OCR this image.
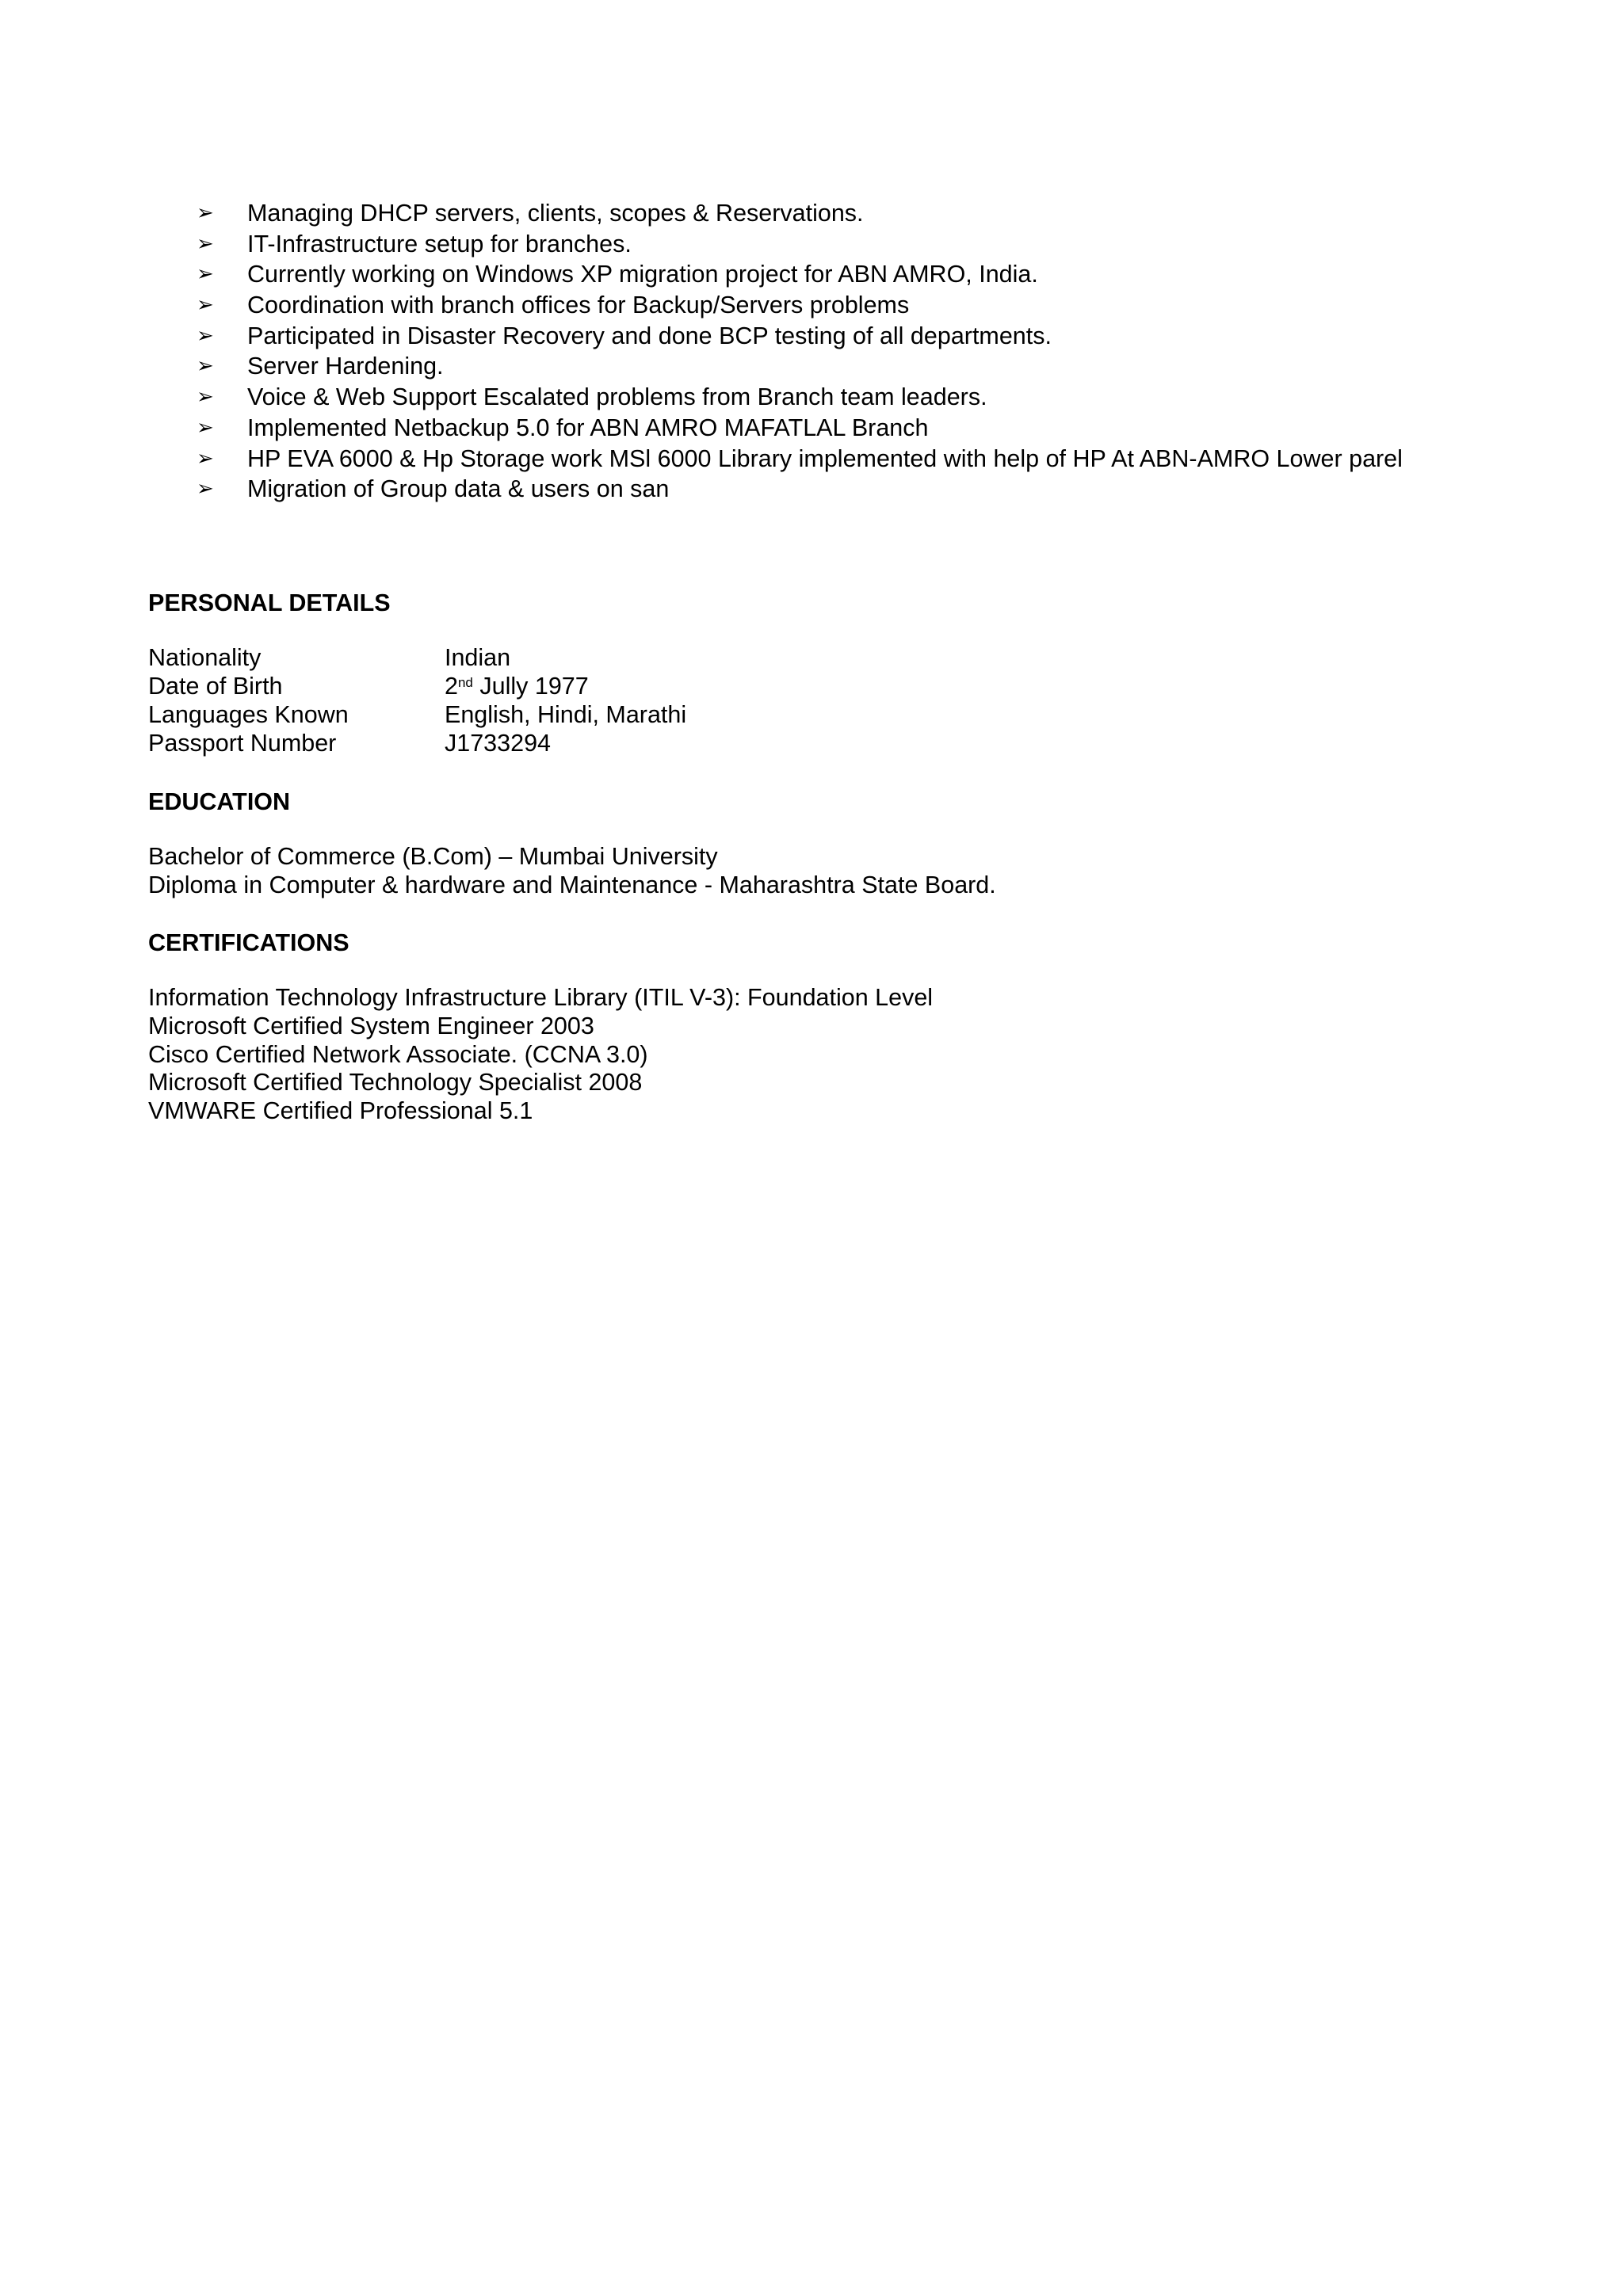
➢ Managing DHCP servers, clients, scopes & Reservations.
➢ IT-Infrastructure setup for branches.
➢ Currently working on Windows XP migration project for ABN AMRO, India.
➢ Coordination with branch offices for Backup/Servers problems
➢ Participated in Disaster Recovery and done BCP testing of all departments.
➢ Server Hardening.
➢ Voice & Web Support Escalated problems from Branch team leaders.
➢ Implemented Netbackup 5.0 for ABN AMRO MAFATLAL Branch
➢ HP EVA 6000 & Hp Storage work MSl 6000 Library implemented with help of HP At ABN-AMRO Lower parel
➢ Migration of Group data & users on san
PERSONAL DETAILS
Nationality	Indian
Date of Birth	2nd Jully 1977
Languages Known	English, Hindi, Marathi
Passport Number	J1733294
EDUCATION
Bachelor of Commerce (B.Com) – Mumbai University
Diploma in Computer & hardware and Maintenance - Maharashtra State Board.
CERTIFICATIONS
Information Technology Infrastructure Library (ITIL V-3): Foundation Level
Microsoft Certified System Engineer 2003
Cisco Certified Network Associate. (CCNA 3.0)
Microsoft Certified Technology Specialist 2008
VMWARE Certified Professional 5.1
